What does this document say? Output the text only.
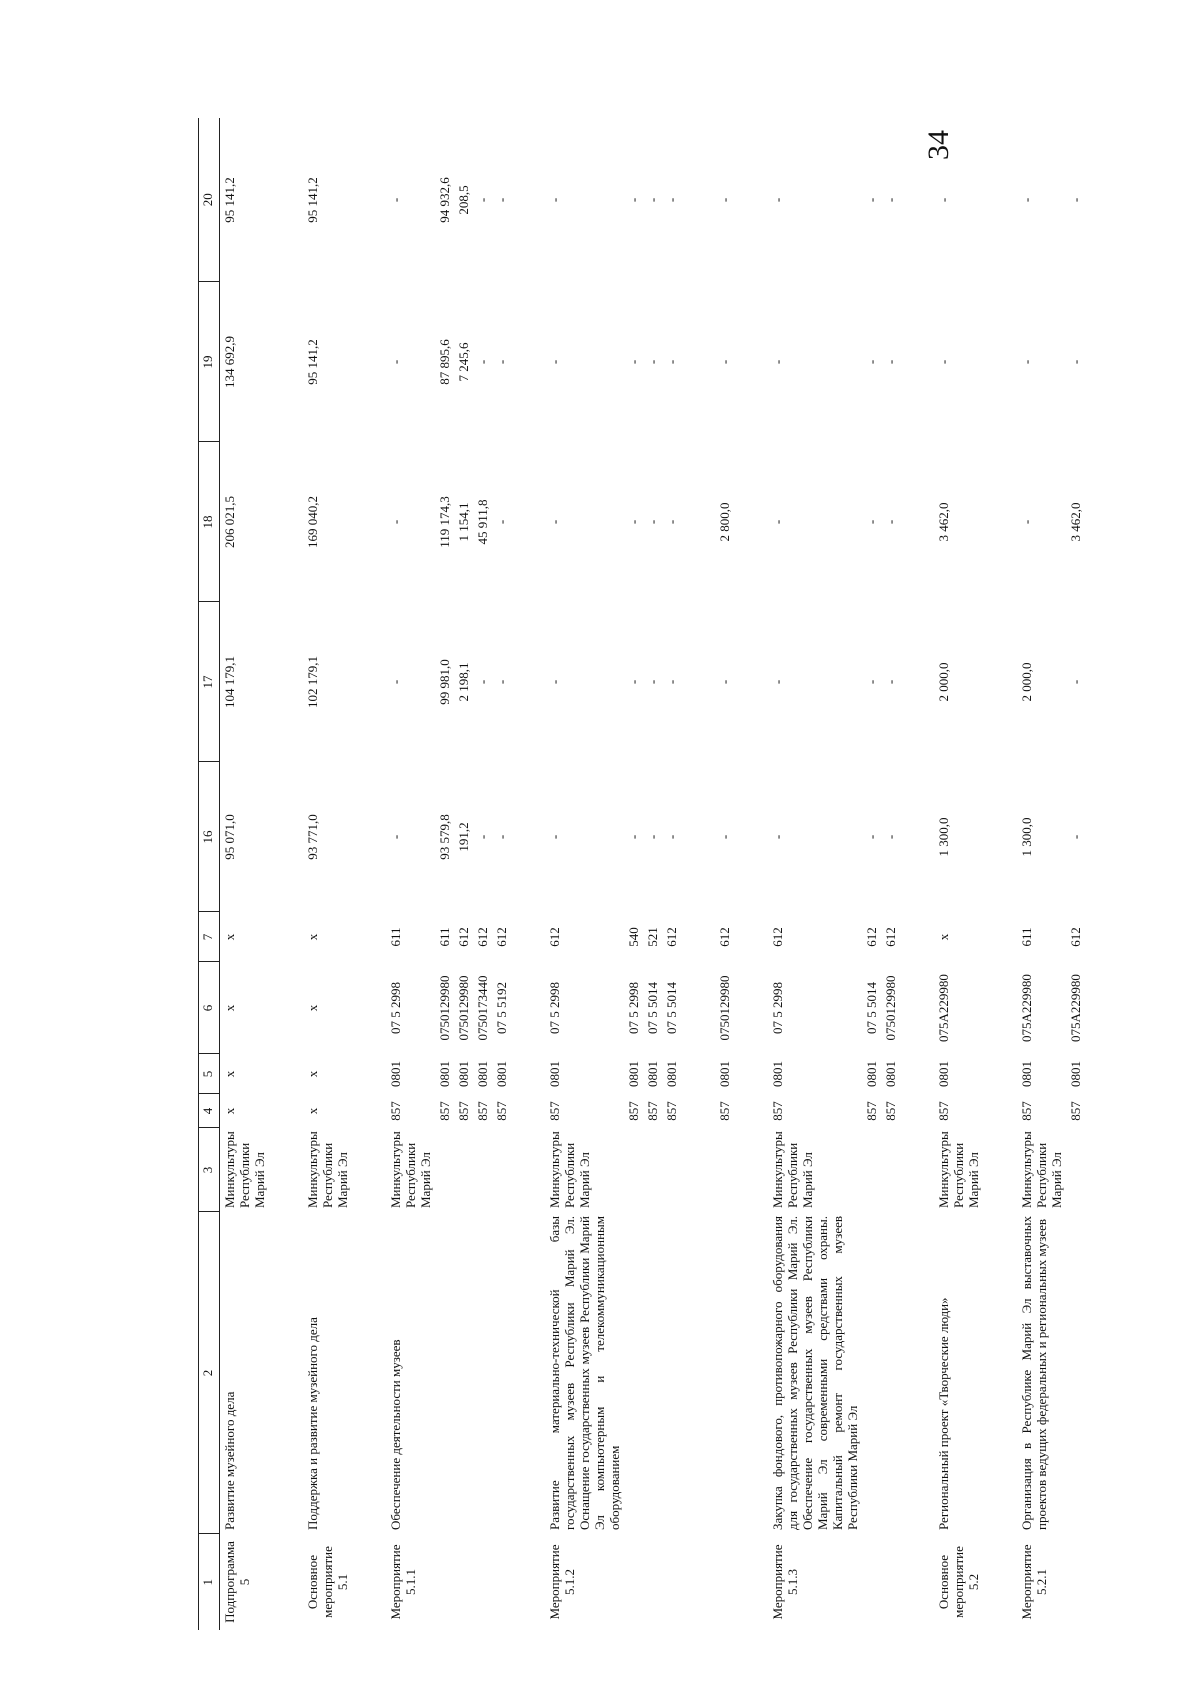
34
1	2	3	4	5	6	7	16	17	18	19	20
Подпрограмма 5	Развитие музейного дела	Минкультуры Республики Марий Эл	x	x	x	x	95 071,0	104 179,1	206 021,5	134 692,9	95 141,2

Основное мероприятие 5.1	Поддержка и развитие музейного дела	Минкультуры Республики Марий Эл	x	x	x	x	93 771,0	102 179,1	169 040,2	95 141,2	95 141,2

Мероприятие 5.1.1	Обеспечение деятельности музеев	Минкультуры Республики Марий Эл	857	0801	07 5 2998	611	-	-	-	-	-
			857	0801	0750129980	611	93 579,8	99 981,0	119 174,3	87 895,6	94 932,6
			857	0801	0750129980	612	191,2	2 198,1	1 154,1	7 245,6	208,5
			857	0801	0750173440	612	-	-	45 911,8	-	-
			857	0801	07 5 5192	612	-	-	-	-	-

Мероприятие 5.1.2	Развитие материально-технической базы государственных музеев Республики Марий Эл. Оснащение государственных музеев Республики Марий Эл компьютерным и телекоммуникационным оборудованием	Минкультуры Республики Марий Эл	857	0801	07 5 2998	612	-	-	-	-	-
			857	0801	07 5 2998	540	-	-	-	-	-
			857	0801	07 5 5014	521	-	-	-	-	-
			857	0801	07 5 5014	612	-	-	-	-	-

			857	0801	0750129980	612	-	-	2 800,0	-	-

Мероприятие 5.1.3	Закупка фондового, противопожарного оборудования для государственных музеев Республики Марий Эл. Обеспечение государственных музеев Республики Марий Эл современными средствами охраны. Капитальный ремонт государственных музеев Республики Марий Эл	Минкультуры Республики Марий Эл	857	0801	07 5 2998	612	-	-	-	-	-
			857	0801	07 5 5014	612	-	-	-	-	-
			857	0801	0750129980	612	-	-	-	-	-

Основное мероприятие 5.2	Региональный проект «Творческие люди»	Минкультуры Республики Марий Эл	857	0801	075A229980	x	1 300,0	2 000,0	3 462,0	-	-

Мероприятие 5.2.1	Организация в Республике Марий Эл выставочных проектов ведущих федеральных и региональных музеев	Минкультуры Республики Марий Эл	857	0801	075A229980	611	1 300,0	2 000,0	-	-	-
			857	0801	075A229980	612	-	-	3 462,0	-	-
